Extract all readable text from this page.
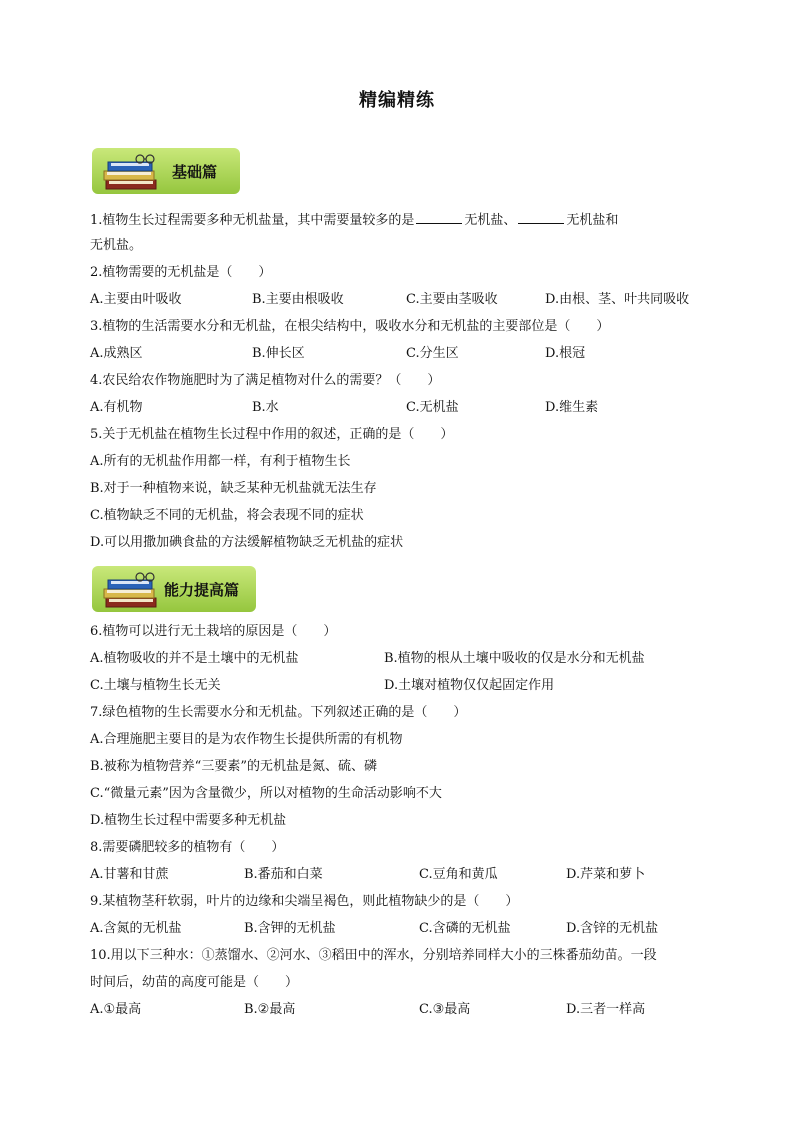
精编精练
基础篇
1.植物生长过程需要多种无机盐量，其中需要量较多的是	无机盐、	无机盐和
无机盐。
2.植物需要的无机盐是（　　）
A.主要由叶吸收	B.主要由根吸收	C.主要由茎吸收	D.由根、茎、叶共同吸收
3.植物的生活需要水分和无机盐，在根尖结构中，吸收水分和无机盐的主要部位是（　　）
A.成熟区	B.伸长区	C.分生区	D.根冠
4.农民给农作物施肥时为了满足植物对什么的需要？（　　）
A.有机物	B.水	C.无机盐	D.维生素
5.关于无机盐在植物生长过程中作用的叙述，正确的是（　　）
A.所有的无机盐作用都一样，有利于植物生长
B.对于一种植物来说，缺乏某种无机盐就无法生存
C.植物缺乏不同的无机盐，将会表现不同的症状
D.可以用撒加碘食盐的方法缓解植物缺乏无机盐的症状
能力提高篇
6.植物可以进行无土栽培的原因是（　　）
A.植物吸收的并不是土壤中的无机盐	B.植物的根从土壤中吸收的仅是水分和无机盐
C.土壤与植物生长无关	D.土壤对植物仅仅起固定作用
7.绿色植物的生长需要水分和无机盐。下列叙述正确的是（　　）
A.合理施肥主要目的是为农作物生长提供所需的有机物
B.被称为植物营养“三要素”的无机盐是氮、硫、磷
C.“微量元素”因为含量微少，所以对植物的生命活动影响不大
D.植物生长过程中需要多种无机盐
8.需要磷肥较多的植物有（　　）
A.甘薯和甘蔗	B.番茄和白菜	C.豆角和黄瓜	D.芹菜和萝卜
9.某植物茎秆软弱，叶片的边缘和尖端呈褐色，则此植物缺少的是（　　）
A.含氮的无机盐	B.含钾的无机盐	C.含磷的无机盐	D.含锌的无机盐
10.用以下三种水：①蒸馏水、②河水、③稻田中的浑水，分别培养同样大小的三株番茄幼苗。一段
时间后，幼苗的高度可能是（　　）
A.①最高	B.②最高	C.③最高	D.三者一样高
